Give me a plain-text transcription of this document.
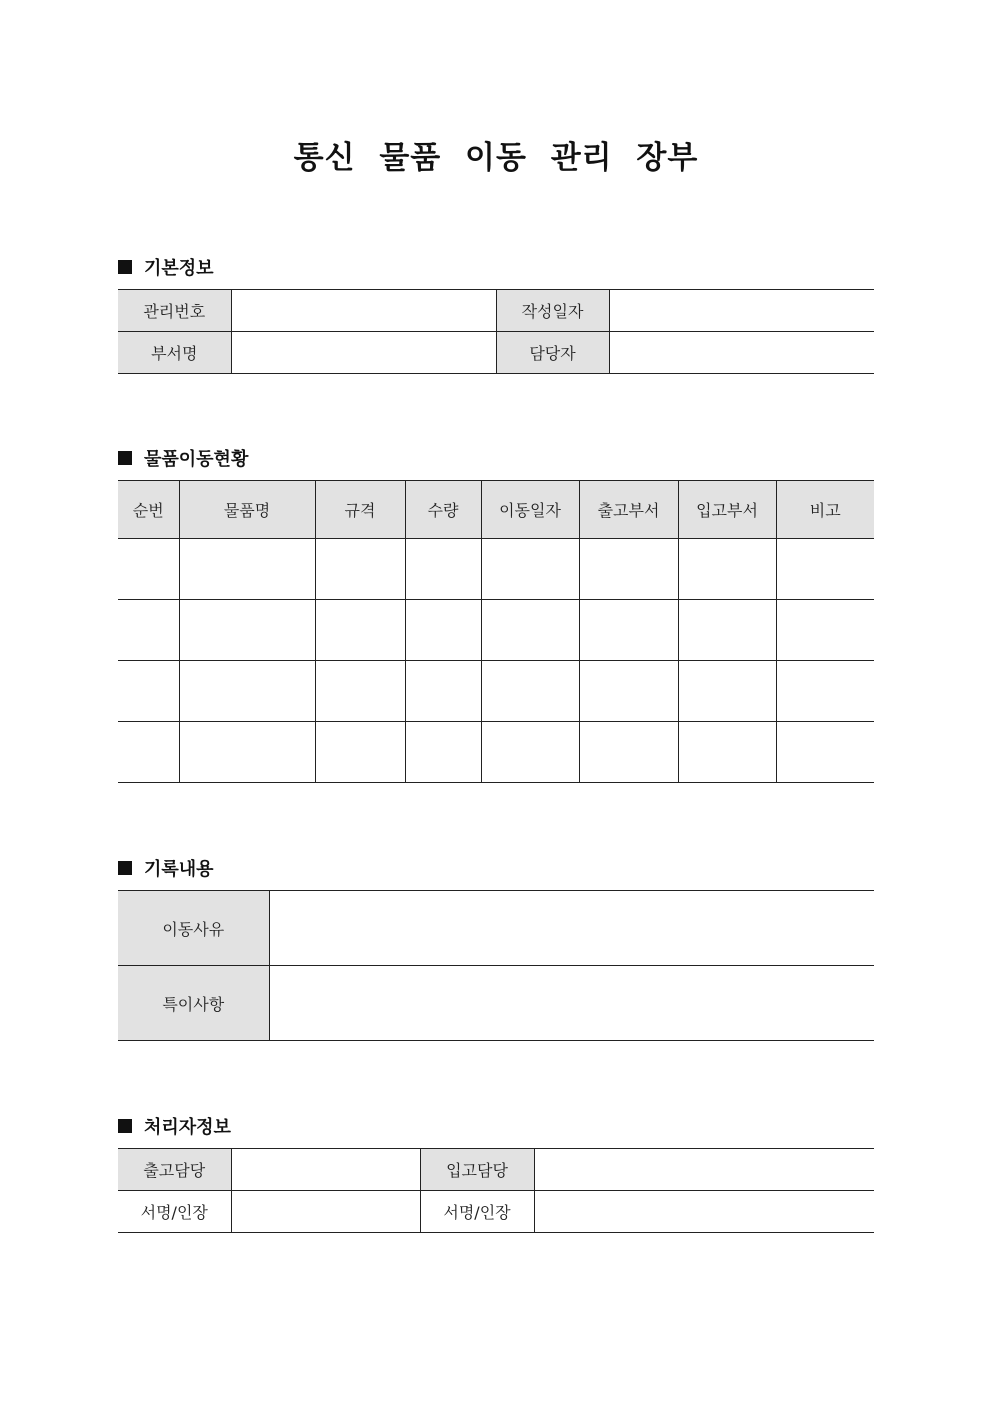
통신 물품 이동 관리 장부
기본정보
관리번호		작성일자	
부서명		담당자	
물품이동현황
순번	물품명	규격	수량	이동일자	출고부서	입고부서	비고

기록내용
이동사유	
특이사항	
처리자정보
출고담당		입고담당	
서명/인장		서명/인장	
